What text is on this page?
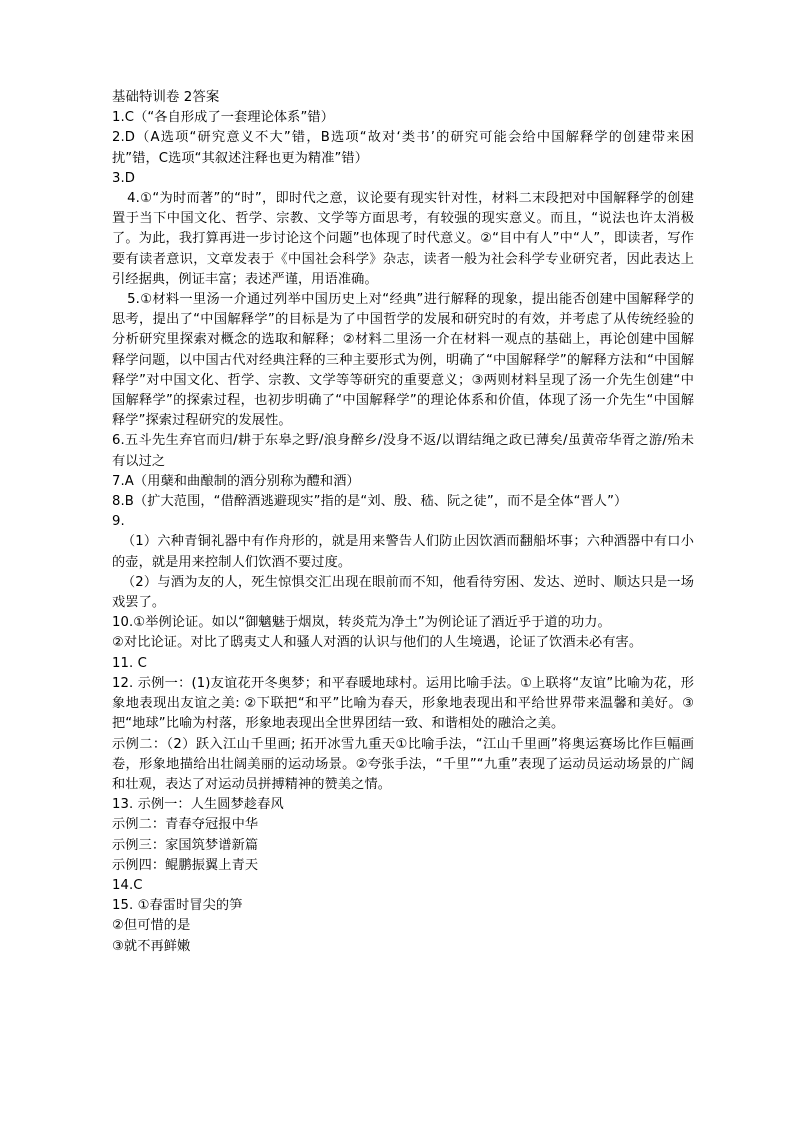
基础特训卷 2答案

1.C（“各自形成了一套理论体系”错）

2.D（A选项“研究意义不大”错，B选项“故对‘类书’的研究可能会给中国解释学的创建带来困扰”错，C选项“其叙述注释也更为精准”错）

3.D

4.①“为时而著”的“时”，即时代之意，议论要有现实针对性，材料二末段把对中国解释学的创建置于当下中国文化、哲学、宗教、文学等方面思考，有较强的现实意义。而且，“说法也许太消极了。为此，我打算再进一步讨论这个问题”也体现了时代意义。②“目中有人”中“人”，即读者，写作要有读者意识，文章发表于《中国社会科学》杂志，读者一般为社会科学专业研究者，因此表达上引经据典，例证丰富；表述严谨，用语准确。

5.①材料一里汤一介通过列举中国历史上对“经典”进行解释的现象，提出能否创建中国解释学的思考，提出了“中国解释学”的目标是为了中国哲学的发展和研究时的有效，并考虑了从传统经验的分析研究里探索对概念的选取和解释；②材料二里汤一介在材料一观点的基础上，再论创建中国解释学问题，以中国古代对经典注释的三种主要形式为例，明确了“中国解释学”的解释方法和“中国解释学”对中国文化、哲学、宗教、文学等等研究的重要意义；③两则材料呈现了汤一介先生创建“中国解释学”的探索过程，也初步明确了“中国解释学”的理论体系和价值，体现了汤一介先生“中国解释学”探索过程研究的发展性。

6.五斗先生弃官而归/耕于东皋之野/浪身醉乡/没身不返/以谓结绳之政已薄矣/虽黄帝华胥之游/殆未有以过之

7.A（用蘖和曲酿制的酒分别称为醴和酒）

8.B（扩大范围，“借醉酒逃避现实”指的是“刘、殷、嵇、阮之徒”，而不是全体“晋人”）

9.

（1）六种青铜礼器中有作舟形的，就是用来警告人们防止因饮酒而翻船坏事；六种酒器中有口小的壶，就是用来控制人们饮酒不要过度。

（2）与酒为友的人，死生惊惧交汇出现在眼前而不知，他看待穷困、发达、逆时、顺达只是一场戏罢了。

10.①举例论证。如以“御魑魅于烟岚，转炎荒为净土”为例论证了酒近乎于道的功力。

②对比论证。对比了鸱夷丈人和骚人对酒的认识与他们的人生境遇，论证了饮酒未必有害。

11. C

12. 示例一：(1)友谊花开冬奥梦；和平春暖地球村。运用比喻手法。①上联将“友谊”比喻为花，形象地表现出友谊之美: ②下联把“和平”比喻为春天，形象地表现出和平给世界带来温馨和美好。③把“地球”比喻为村落，形象地表现出全世界团结一致、和谐相处的融洽之美。

示例二：（2）跃入江山千里画; 拓开冰雪九重天①比喻手法，“江山千里画”将奥运赛场比作巨幅画卷，形象地描给出壮阔美丽的运动场景。②夸张手法，“千里”“九重”表现了运动员运动场景的广阔和壮观，表达了对运动员拼搏精神的赞美之情。

13. 示例一：人生圆梦趁春风

示例二：青春夺冠报中华

示例三：家国筑梦谱新篇

示例四：鲲鹏振翼上青天

14.C

15. ①春雷时冒尖的笋

②但可惜的是

③就不再鲜嫩
